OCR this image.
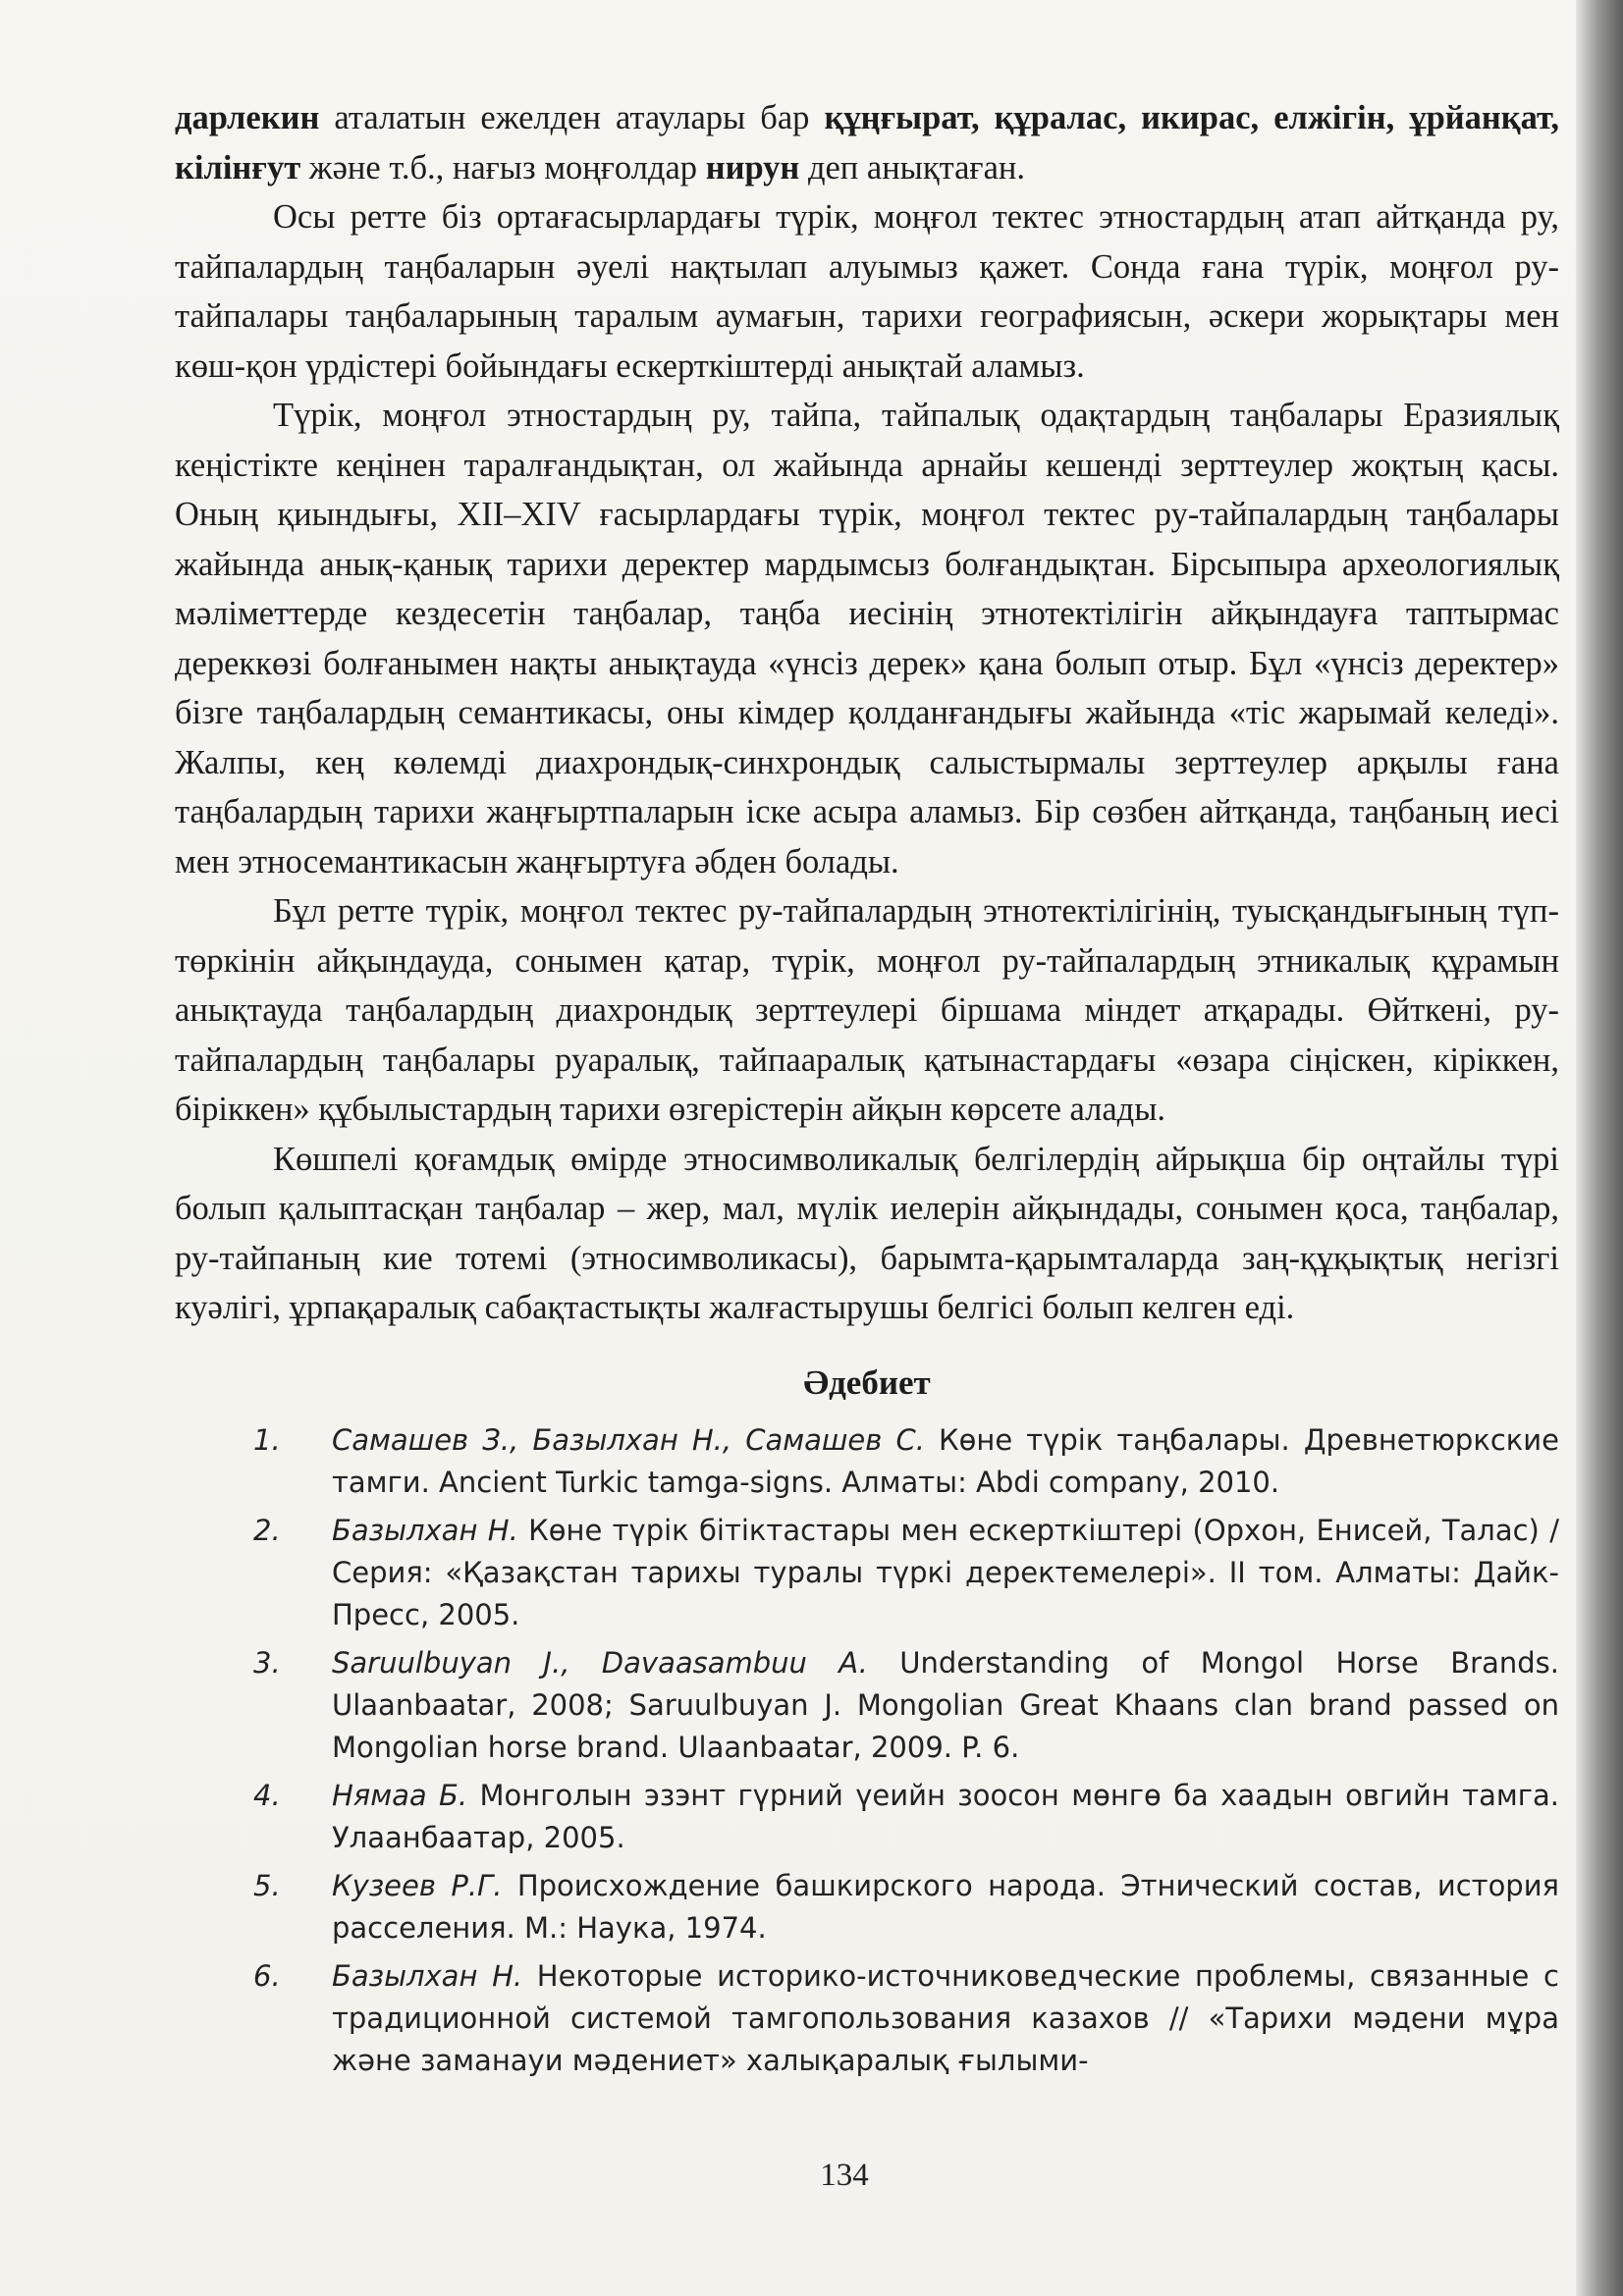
дарлекин аталатын ежелден атаулары бар құңғырат, құралас, икирас, елжігін, ұрйанқат, кілінғут және т.б., нағыз моңғолдар нирун деп анықтаған.

Осы ретте біз ортағасырлардағы түрік, моңғол тектес этностардың атап айтқанда ру, тайпалардың таңбаларын әуелі нақтылап алуымыз қажет. Сонда ғана түрік, моңғол ру-тайпалары таңбаларының таралым аумағын, тарихи географиясын, әскери жорықтары мен көш-қон үрдістері бойындағы ескерткіштерді анықтай аламыз.

Түрік, моңғол этностардың ру, тайпа, тайпалық одақтардың таңбалары Еразиялық кеңістікте кеңінен таралғандықтан, ол жайында арнайы кешенді зерттеулер жоқтың қасы. Оның қиындығы, XII–XIV ғасырлардағы түрік, моңғол тектес ру-тайпалардың таңбалары жайында анық-қанық тарихи деректер мардымсыз болғандықтан. Бірсыпыра археологиялық мәліметтерде кездесетін таңбалар, таңба иесінің этнотектілігін айқындауға таптырмас дереккөзі болғанымен нақты анықтауда «үнсіз дерек» қана болып отыр. Бұл «үнсіз деректер» бізге таңбалардың семантикасы, оны кімдер қолданғандығы жайында «тіс жарымай келеді». Жалпы, кең көлемді диахрондық-синхрондық салыстырмалы зерттеулер арқылы ғана таңбалардың тарихи жаңғыртпаларын іске асыра аламыз. Бір сөзбен айтқанда, таңбаның иесі мен этносемантикасын жаңғыртуға әбден болады.

Бұл ретте түрік, моңғол тектес ру-тайпалардың этнотектілігінің, туысқандығының түп-төркінін айқындауда, сонымен қатар, түрік, моңғол ру-тайпалардың этникалық құрамын анықтауда таңбалардың диахрондық зерттеулері біршама міндет атқарады. Өйткені, ру-тайпалардың таңбалары руаралық, тайпааралық қатынастардағы «өзара сіңіскен, кіріккен, біріккен» құбылыстардың тарихи өзгерістерін айқын көрсете алады.

Көшпелі қоғамдық өмірде этносимволикалық белгілердің айрықша бір оңтайлы түрі болып қалыптасқан таңбалар – жер, мал, мүлік иелерін айқындады, сонымен қоса, таңбалар, ру-тайпаның кие тотемі (этносимволикасы), барымта-қарымталарда заң-құқықтық негізгі куәлігі, ұрпақаралық сабақтастықты жалғастырушы белгісі болып келген еді.

Әдебиет
1. Самашев З., Базылхан Н., Самашев С. Көне түрік таңбалары. Древнетюркские тамги. Ancient Turkic tamga-signs. Алматы: Abdi company, 2010.
2. Базылхан Н. Көне түрік бітіктастары мен ескерткіштері (Орхон, Енисей, Талас) / Серия: «Қазақстан тарихы туралы түркі деректемелері». II том. Алматы: Дайк-Пресс, 2005.
3. Saruulbuyan J., Davaasambuu A. Understanding of Mongol Horse Brands. Ulaanbaatar, 2008; Saruulbuyan J. Mongolian Great Khaans clan brand passed on Mongolian horse brand. Ulaanbaatar, 2009. P. 6.
4. Нямаа Б. Монголын эзэнт гүрний үеийн зоосон мөнгө ба хаадын овгийн тамга. Улаанбаатар, 2005.
5. Кузеев Р.Г. Происхождение башкирского народа. Этнический состав, история расселения. М.: Наука, 1974.
6. Базылхан Н. Некоторые историко-источниковедческие проблемы, связанные с традиционной системой тамгопользования казахов // «Тарихи мәдени мұра және заманауи мәдениет» халықаралық ғылыми-
134
